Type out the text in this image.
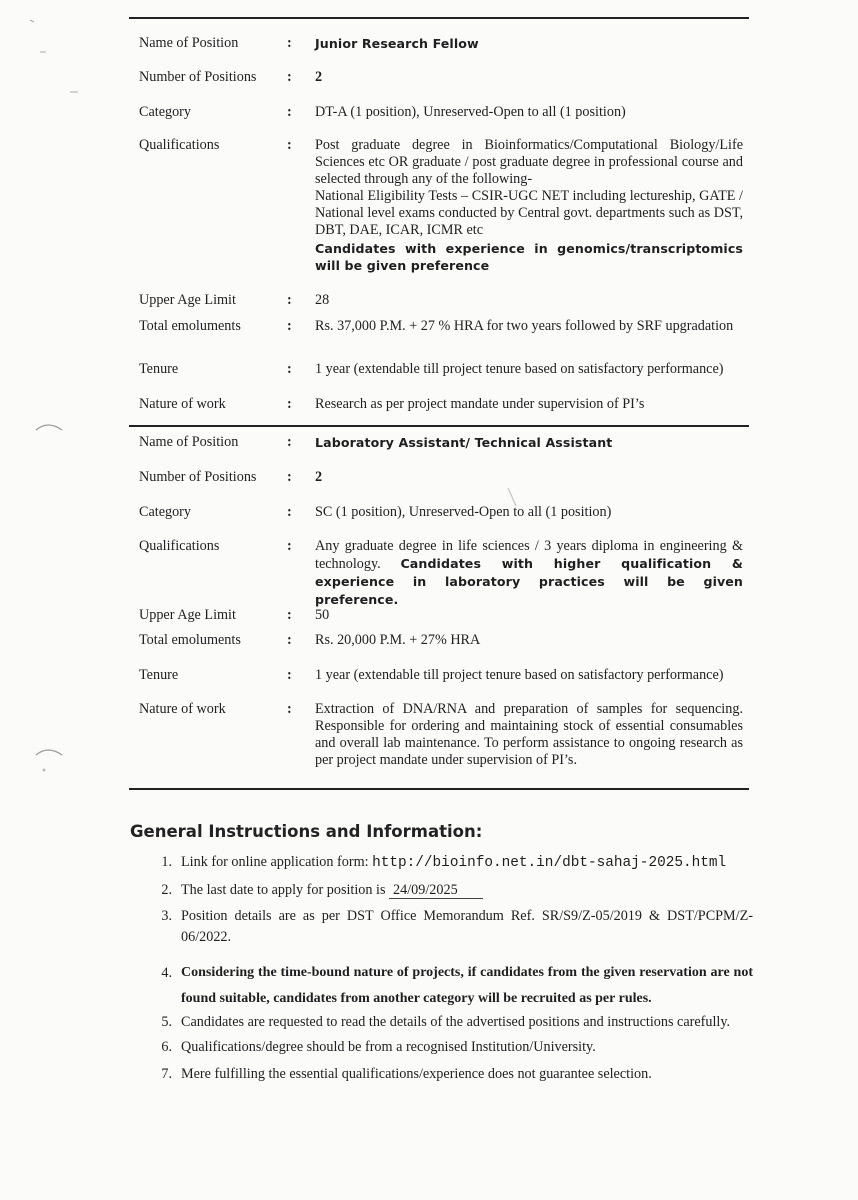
Name of Position	: Junior Research Fellow
Number of Positions : 2
Category	: DT-A (1 position), Unreserved-Open to all (1 position)
Qualifications	: Post graduate degree in Bioinformatics/Computational Biology/Life Sciences etc OR graduate / post graduate degree in professional course and selected through any of the following-
National Eligibility Tests – CSIR-UGC NET including lectureship, GATE / National level exams conducted by Central govt. departments such as DST, DBT, DAE, ICAR, ICMR etc
Candidates with experience in genomics/transcriptomics will be given preference
Upper Age Limit	: 28
Total emoluments	: Rs. 37,000 P.M. + 27 % HRA for two years followed by SRF upgradation
Tenure	: 1 year (extendable till project tenure based on satisfactory performance)
Nature of work	: Research as per project mandate under supervision of PI’s
Name of Position	: Laboratory Assistant/ Technical Assistant
Number of Positions : 2
Category	: SC (1 position), Unreserved-Open to all (1 position)
Qualifications	: Any graduate degree in life sciences / 3 years diploma in engineering & technology. Candidates with higher qualification & experience in laboratory practices will be given preference.
Upper Age Limit	: 50
Total emoluments	: Rs. 20,000 P.M. + 27% HRA
Tenure	: 1 year (extendable till project tenure based on satisfactory performance)
Nature of work	: Extraction of DNA/RNA and preparation of samples for sequencing. Responsible for ordering and maintaining stock of essential consumables and overall lab maintenance. To perform assistance to ongoing research as per project mandate under supervision of PI’s.
General Instructions and Information:
1. Link for online application form: http://bioinfo.net.in/dbt-sahaj-2025.html
2. The last date to apply for position is 24/09/2025
3. Position details are as per DST Office Memorandum Ref. SR/S9/Z-05/2019 & DST/PCPM/Z-06/2022.
4. Considering the time-bound nature of projects, if candidates from the given reservation are not found suitable, candidates from another category will be recruited as per rules.
5. Candidates are requested to read the details of the advertised positions and instructions carefully.
6. Qualifications/degree should be from a recognised Institution/University.
7. Mere fulfilling the essential qualifications/experience does not guarantee selection.
